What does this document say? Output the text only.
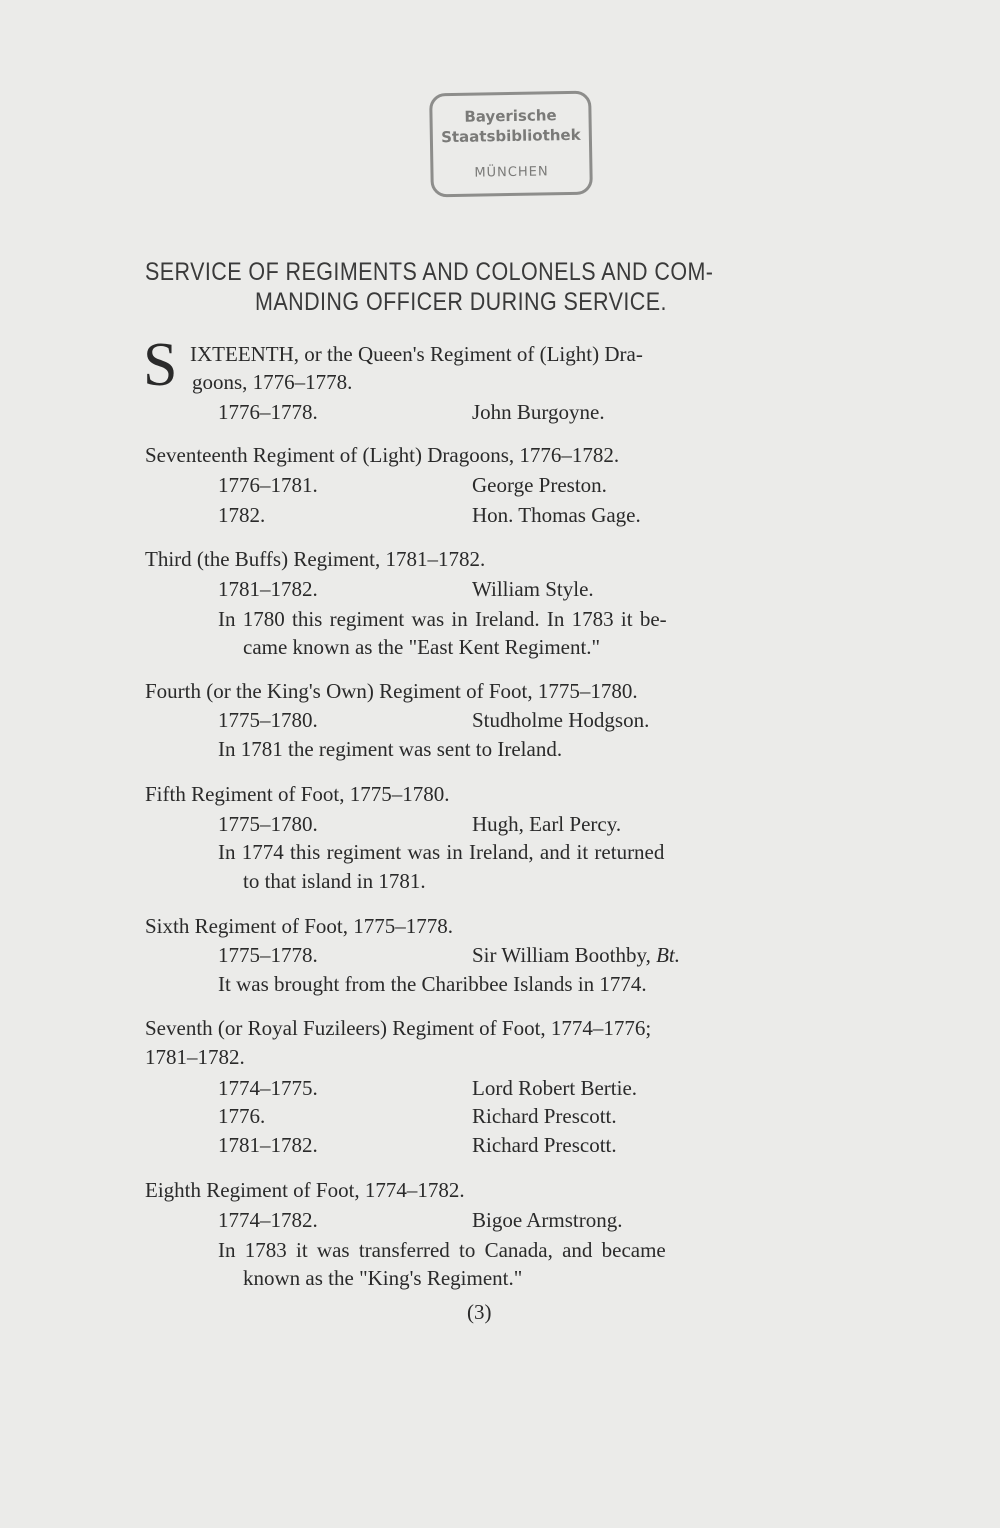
Bayerische
Staatsbibliothek
MÜNCHEN
SERVICE OF REGIMENTS AND COLONELS AND COM-
MANDING OFFICER DURING SERVICE.
S IXTEENTH, or the Queen's Regiment of (Light) Dra-
goons, 1776–1778.
1776–1778.	John Burgoyne.
Seventeenth Regiment of (Light) Dragoons, 1776–1782.
1776–1781.	George Preston.
1782.	Hon. Thomas Gage.
Third (the Buffs) Regiment, 1781–1782.
1781–1782.	William Style.
In 1780 this regiment was in Ireland. In 1783 it be-
came known as the "East Kent Regiment."
Fourth (or the King's Own) Regiment of Foot, 1775–1780.
1775–1780.	Studholme Hodgson.
In 1781 the regiment was sent to Ireland.
Fifth Regiment of Foot, 1775–1780.
1775–1780.	Hugh, Earl Percy.
In 1774 this regiment was in Ireland, and it returned
to that island in 1781.
Sixth Regiment of Foot, 1775–1778.
1775–1778.	Sir William Boothby, Bt.
It was brought from the Charibbee Islands in 1774.
Seventh (or Royal Fuzileers) Regiment of Foot, 1774–1776;
1781–1782.
1774–1775.	Lord Robert Bertie.
1776.	Richard Prescott.
1781–1782.	Richard Prescott.
Eighth Regiment of Foot, 1774–1782.
1774–1782.	Bigoe Armstrong.
In 1783 it was transferred to Canada, and became
known as the "King's Regiment."
(3)
